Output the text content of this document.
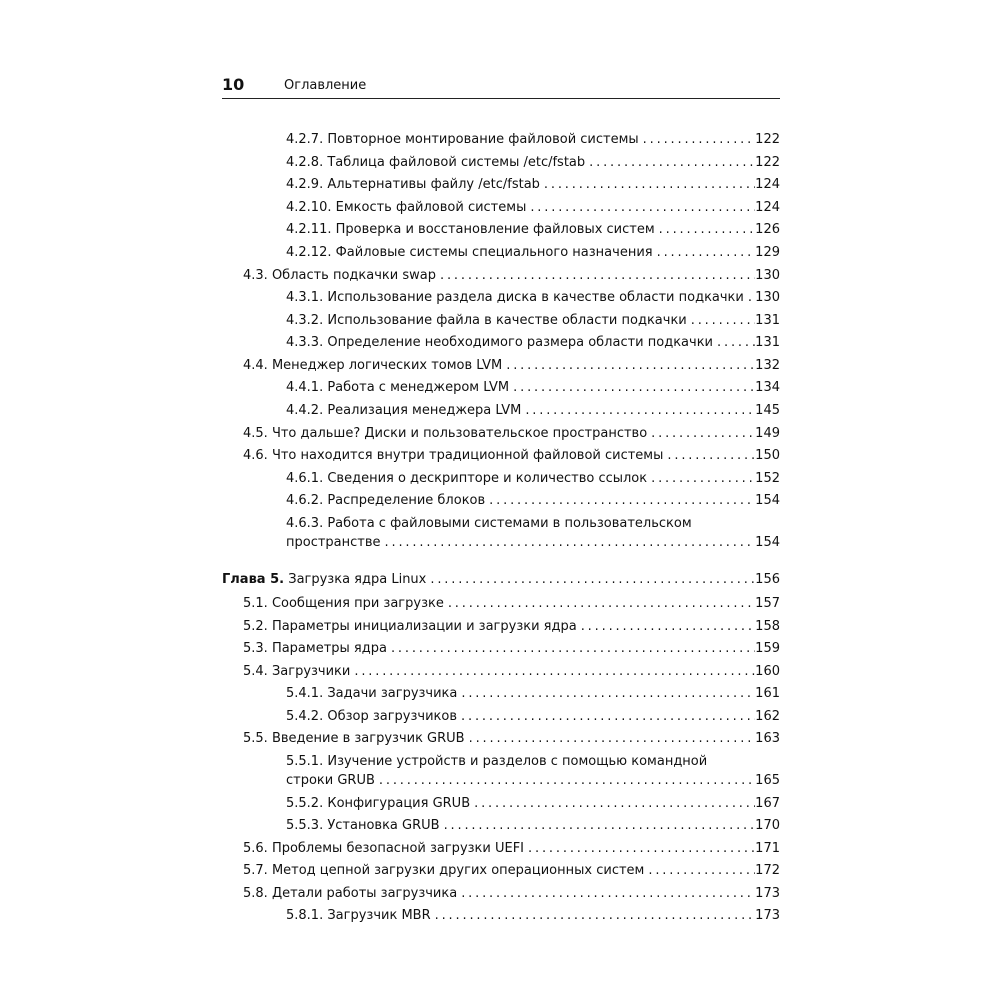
10	Оглавление
4.2.7. Повторное монтирование файловой системы . . .	122
4.2.8. Таблица файловой системы /etc/fstab . . .	122
4.2.9. Альтернативы файлу /etc/fstab . . .	124
4.2.10. Емкость файловой системы . . .	124
4.2.11. Проверка и восстановление файловых систем . . .	126
4.2.12. Файловые системы специального назначения . . .	129
4.3. Область подкачки swap . . .	130
4.3.1. Использование раздела диска в качестве области подкачки . . . 130
4.3.2. Использование файла в качестве области подкачки . . .	131
4.3.3. Определение необходимого размера области подкачки . . .	131
4.4. Менеджер логических томов LVM . . .	132
4.4.1. Работа с менеджером LVM . . .	134
4.4.2. Реализация менеджера LVM . . .	145
4.5. Что дальше? Диски и пользовательское пространство . . .	149
4.6. Что находится внутри традиционной файловой системы . . .	150
4.6.1. Сведения о дескрипторе и количество ссылок . . .	152
4.6.2. Распределение блоков . . .	154
4.6.3. Работа с файловыми системами в пользовательском
пространстве . . .	154
Глава 5. Загрузка ядра Linux . . .	156
5.1. Сообщения при загрузке . . .	157
5.2. Параметры инициализации и загрузки ядра . . .	158
5.3. Параметры ядра . . .	159
5.4. Загрузчики . . .	160
5.4.1. Задачи загрузчика . . .	161
5.4.2. Обзор загрузчиков . . .	162
5.5. Введение в загрузчик GRUB . . .	163
5.5.1. Изучение устройств и разделов с помощью командной
строки GRUB . . .	165
5.5.2. Конфигурация GRUB . . .	167
5.5.3. Установка GRUB . . .	170
5.6. Проблемы безопасной загрузки UEFI . . .	171
5.7. Метод цепной загрузки других операционных систем . . .	172
5.8. Детали работы загрузчика . . .	173
5.8.1. Загрузчик MBR . . .	173
